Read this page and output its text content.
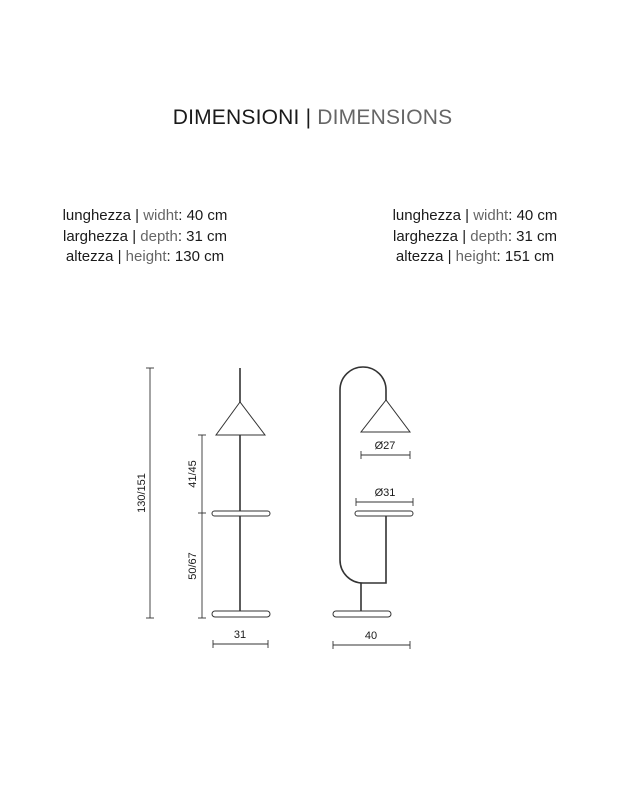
DIMENSIONI | DIMENSIONS
lunghezza | widht: 40 cm
larghezza | depth: 31 cm
altezza | height: 130 cm
lunghezza | widht: 40 cm
larghezza | depth: 31 cm
altezza | height: 151 cm
130/151	41/45
50/67
31	40
Ø27
Ø31
